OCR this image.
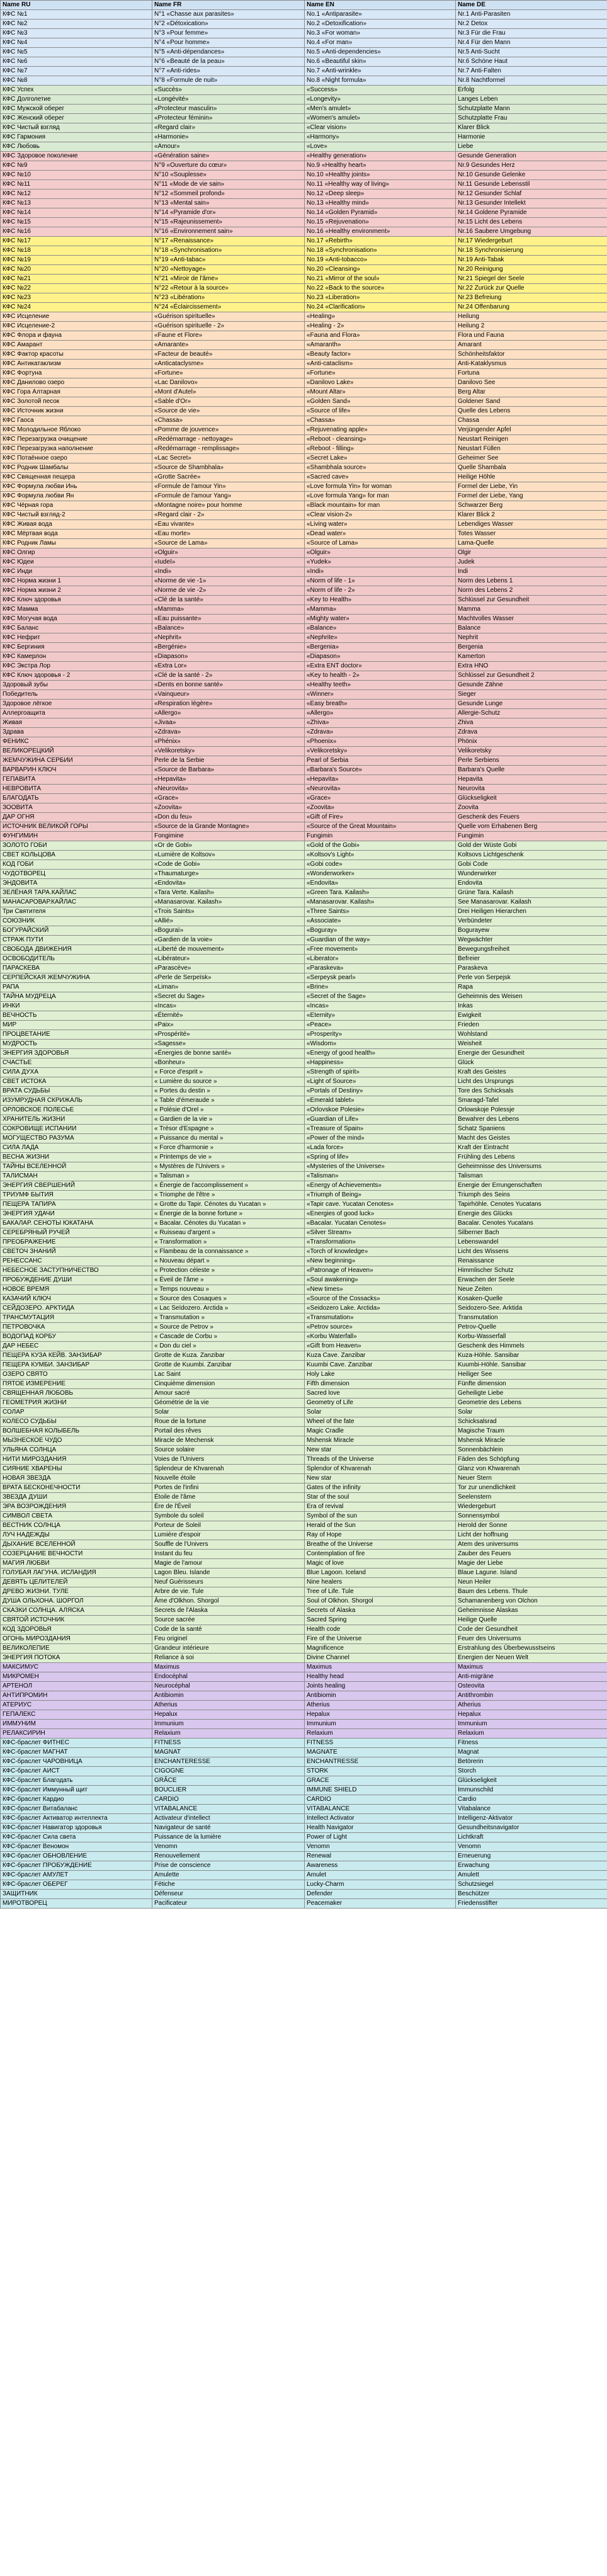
Name RU	Name FR	Name EN	Name DE
КФС №1	N°1 «Chasse aux parasites»	No.1 «Antiparasite»	Nr.1 Anti-Parasiten
КФС №2	N°2 «Détoxication»	No.2 «Detoxification»	Nr.2 Detox
КФС №3	N°3 «Pour femme»	No.3 «For woman»	Nr.3 Für die Frau
КФС №4	N°4 «Pour homme»	No.4 «For man»	Nr.4 Für den Mann
КФС №5	N°5 «Anti-dépendances»	No.5 «Anti-dependencies»	Nr.5 Anti-Sucht
КФС №6	N°6 «Beauté de la peau»	No.6 «Beautiful skin»	Nr.6 Schöne Haut
КФС №7	N°7 «Anti-rides»	No.7 «Anti-wrinkle»	Nr.7 Anti-Falten
КФС №8	N°8 «Formule de nuit»	No.8 «Night formula»	Nr.8 Nachtformel
КФС Успех	«Succès»	«Success»	Erfolg
КФС Долголетие	«Longévité»	«Longevity»	Langes Leben
КФС Мужской оберег	«Protecteur masculin»	«Men's amulet»	Schutzplatte Mann
КФС Женский оберег	«Protecteur féminin»	«Women's amulet»	Schutzplatte Frau
КФС Чистый взгляд	«Regard clair»	«Clear vision»	Klarer Blick
КФС Гармония	«Harmonie»	«Harmony»	Harmonie
КФС Любовь	«Amour»	«Love»	Liebe
КФС Здоровое поколение	«Génération saine»	«Healthy generation»	Gesunde Generation
КФС №9	N°9 «Ouverture du cœur»	No.9 «Healthy heart»	Nr.9 Gesundes Herz
КФС №10	N°10 «Souplesse»	No.10 «Healthy joints»	Nr.10 Gesunde Gelenke
КФС №11	N°11 «Mode de vie sain»	No.11 «Healthy way of living»	Nr.11 Gesunde Lebensstil
КФС №12	N°12 «Sommeil profond»	No.12 «Deep sleep»	Nr.12 Gesunder Schlaf
КФС №13	N°13 «Mental sain»	No.13 «Healthy mind»	Nr.13 Gesunder Intellekt
КФС №14	N°14 «Pyramide d'or»	No.14 «Golden Pyramid»	Nr.14 Goldene Pyramide
КФС №15	N°15 «Rajeunissement»	No.15 «Rejuvenation»	Nr.15 Licht des Lebens
КФС №16	N°16 «Environnement sain»	No.16 «Healthy environment»	Nr.16 Saubere Umgebung
КФС №17	N°17 «Renaissance»	No.17 «Rebirth»	Nr.17 Wiedergeburt
КФС №18	N°18 «Synchronisation»	No.18 «Synchronisation»	Nr.18 Synchronisierung
КФС №19	N°19 «Anti-tabac»	No.19 «Anti-tobacco»	Nr.19 Anti-Tabak
КФС №20	N°20 «Nettoyage»	No.20 «Cleansing»	Nr.20 Reinigung
КФС №21	N°21 «Miroir de l'âme»	No.21 «Mirror of the soul»	Nr.21 Spiegel der Seele
КФС №22	N°22 «Retour à la source»	No.22 «Back to the source»	Nr.22 Zurück zur Quelle
КФС №23	N°23 «Libération»	No.23 «Liberation»	Nr.23 Befreiung
КФС №24	N°24 «Éclaircissement»	No.24 «Clarification»	Nr.24 Offenbarung
КФС Исцеление	«Guérison spirituelle»	«Healing»	Heilung
КФС Исцеление-2	«Guérison spirituelle - 2»	«Healing - 2»	Heilung 2
КФС Флора и фауна	«Faune et Flore»	«Fauna and Flora»	Flora und Fauna
КФС Амарант	«Amarante»	«Amaranth»	Amarant
КФС Фактор красоты	«Facteur de beauté»	«Beauty factor»	Schönheitsfaktor
КФС Антикатаклизм	«Anticataclysme»	«Anti-cataclism»	Anti-Kataklysmus
КФС Фортуна	«Fortune»	«Fortune»	Fortuna
КФС Данилово озеро	«Lac Danilovo»	«Danilovo Lake»	Danilovo See
КФС Гора Алтарная	«Mont d'Autel»	«Mount Altar»	Berg Altar
КФС Золотой песок	«Sable d'Or»	«Golden Sand»	Goldener Sand
КФС Источник жизни	«Source de vie»	«Source of life»	Quelle des Lebens
КФС Гаоса	«Chassa»	«Chassa»	Chassa
КФС Молодильное Яблоко	«Pomme de jouvence»	«Rejuvenating apple»	Verjüngender Apfel
КФС Перезагрузка очищение	«Redémarrage - nettoyage»	«Reboot - cleansing»	Neustart Reinigen
КФС Перезагрузка наполнение	«Redémarrage - remplissage»	«Reboot - filling»	Neustart Füllen
КФС Потаённое озеро	«Lac Secret»	«Secret Lake»	Geheimer See
КФС Родник Шамбалы	«Source de Shambhala»	«Shambhala source»	Quelle Shambala
КФС Священная пещера	«Grotte Sacrée»	«Sacred cave»	Heilige Höhle
КФС Формула любви Инь	«Formule de l'amour Yin»	«Love formula Yin» for woman	Formel der Liebe, Yin
КФС Формула любви Ян	«Formule de l'amour Yang»	«Love formula Yang» for man	Formel der Liebe, Yang
КФС Чёрная гора	«Montagne noire» pour homme	«Black mountain» for man	Schwarzer Berg
КФС Чистый взгляд-2	«Regard clair - 2»	«Clear vision-2»	Klarer Blick 2
КФС Живая вода	«Eau vivante»	«Living water»	Lebendiges Wasser
КФС Мёртвая вода	«Eau morte»	«Dead water»	Totes Wasser
КФС Родник Ламы	«Source de Lama»	«Source of Lama»	Lama-Quelle
КФС Олгир	«Olguir»	«Olguir»	Olgir
КФС Юдеи	«Iudeï»	«Yudek»	Judek
КФС Инди	«Indi»	«Indi»	Indi
КФС Норма жизни 1	«Norme de vie -1»	«Norm of life - 1»	Norm des Lebens 1
КФС Норма жизни 2	«Norme de vie -2»	«Norm of life - 2»	Norm des Lebens 2
КФС Ключ здоровья	«Clé de la santé»	«Key to Health»	Schlüssel zur Gesundheit
КФС Мамма	«Mamma»	«Mamma»	Mamma
КФС Могучая вода	«Eau puissante»	«Mighty water»	Machtvolles Wasser
КФС Баланс	«Balance»	«Balance»	Balance
КФС Нефрит	«Nephrit»	«Nephrite»	Nephrit
КФС Бергиния	«Bergénie»	«Bergenia»	Bergenia
КФС Камерлон	«Diapason»	«Diapason»	Kamerton
КФС Экстра Лор	«Extra Lor»	«Extra ENT doctor»	Extra HNO
КФС Ключ здоровья - 2	«Clé de la santé - 2»	«Key to health - 2»	Schlüssel zur Gesundheit 2
Здоровый зубы	«Dents en bonne santé»	«Healthy teeth»	Gesunde Zähne
Победитель	«Vainqueur»	«Winner»	Sieger
Здоровое лёгкое	«Respiration légère»	«Easy breath»	Gesunde Lunge
Аллергоащита	«Allergo»	«Allergo»	Allergie-Schutz
Живая	«Jivaa»	«Zhiva»	Zhiva
Здрава	«Zdrava»	«Zdrava»	Zdrava
ФЕНИКС	«Phénix»	«Phoenix»	Phönix
ВЕЛИКОРЕЦКИЙ	«Velikoretsky»	«Velikoretsky»	Velikoretsky
ЖЕМЧУЖИНА СЕРБИИ	Perle de la Serbie	Pearl of Serbia	Perle Serbiens
ВАРВАРИН КЛЮЧ	«Source de Barbara»	«Barbara's Source»	Barbara's Quelle
ГЕПАВИТА	«Hepavita»	«Hepavita»	Hepavita
НЕВРОВИТА	«Neurovita»	«Neurovita»	Neurovita
БЛАГОДАТЬ	«Grace»	«Grace»	Glückseligkeit
ЗООВИТА	«Zoovita»	«Zoovita»	Zoovita
ДАР ОГНЯ	«Don du feu»	«Gift of Fire»	Geschenk des Feuers
ИСТОЧНИК ВЕЛИКОЙ ГОРЫ	«Source de la Grande Montagne»	«Source of the Great Mountain»	Quelle vom Erhabenen Berg
ФУНГИМИН	Fongimine	Fungimin	Fungimin
ЗОЛОТО ГОБИ	«Or de Gobi»	«Gold of the Gobi»	Gold der Wüste Gobi
СВЕТ КОЛЬЦОВА	«Lumière de Koltsov»	«Koltsov's Light»	Koltsovs Lichtgeschenk
КОД ГОБИ	«Code de Gobi»	«Gobi code»	Gobi Code
ЧУДОТВОРЕЦ	«Thaumaturge»	«Wonderworker»	Wunderwirker
ЭНДОВИТА	«Endovita»	«Endovita»	Endovita
ЗЕЛЁНАЯ ТАРА.КАЙЛАС	«Tara Verte. Kailash»	«Green Tara. Kailash»	Grüne Tara. Kailash
МАНАСАРОВАР.КАЙЛАС	«Manasarovar. Kailash»	«Manasarovar. Kailash»	See Manasarovar. Kailash
Три Святителя	«Trois Saints»	«Three Saints»	Drei Heiligen Hierarchen
СОЮЗНИК	«Allié»	«Associate»	Verbündeter
БОГУРАЙСКИЙ	«Boguraï»	«Boguray»	Bogurayew
СТРАЖ ПУТИ	«Gardien de la voie»	«Guardian of the way»	Wegwächter
СВОБОДА ДВИЖЕНИЯ	«Liberté de mouvement»	«Free movement»	Bewegungsfreiheit
ОСВОБОДИТЕЛЬ	«Libérateur»	«Liberator»	Befreier
ПАРАСКЕВА	«Parascève»	«Paraskeva»	Paraskeva
СЕРПЕЙСКАЯ ЖЕМЧУЖИНА	«Perle de Serpeïsk»	«Serpeysk pearl»	Perle von Serpejsk
РАПА	«Liman»	«Brine»	Rapa
ТАЙНА МУДРЕЦА	«Secret du Sage»	«Secret of the Sage»	Geheimnis des Weisen
ИНКИ	«Incas»	«Incas»	Inkas
ВЕЧНОСТЬ	«Éternité»	«Eternity»	Ewigkeit
МИР	«Paix»	«Peace»	Frieden
ПРОЦВЕТАНИЕ	«Prospérité»	«Prosperity»	Wohlstand
МУДРОСТЬ	«Sagesse»	«Wisdom»	Weisheit
ЭНЕРГИЯ ЗДОРОВЬЯ	«Énergies de bonne santé»	«Energy of good health»	Energie der Gesundheit
СЧАСТЬЕ	«Bonheur»	«Happiness»	Glück
СИЛА ДУХА	« Force d'esprit »	«Strength of spirit»	Kraft des Geistes
СВЕТ ИСТОКА	« Lumière du source »	«Light of Source»	Licht des Ursprungs
ВРАТА СУДЬБЫ	« Portes du destin »	«Portals of Destiny»	Tore des Schicksals
ИЗУМРУДНАЯ СКРИЖАЛЬ	« Table d'émeraude »	«Emerald tablet»	Smaragd-Tafel
ОРЛОВСКОЕ ПОЛЕСЬЕ	« Polésie d'Orel »	«Orlovskoe Polesie»	Orlowskoje Polessje
ХРАНИТЕЛЬ ЖИЗНИ	« Gardien de la vie »	«Guardian of Life»	Bewahrer des Lebens
СОКРОВИЩЕ ИСПАНИИ	« Trésor d'Espagne »	«Treasure of Spain»	Schatz Spaniens
МОГУЩЕСТВО РАЗУМА	« Puissance du mental »	«Power of the mind»	Macht des Geistes
СИЛА ЛАДА	« Force d'harmonie »	«Lada force»	Kraft der Eintracht
ВЕСНА ЖИЗНИ	« Printemps de vie »	«Spring of life»	Frühling des Lebens
ТАЙНЫ ВСЕЛЕННОЙ	« Mystères de l'Univers »	«Mysteries of the Universe»	Geheimnisse des Universums
ТАЛИСМАН	« Talisman »	«Talisman»	Talisman
ЭНЕРГИЯ СВЕРШЕНИЙ	« Énergie de l'accomplissement »	«Energy of Achievements»	Energie der Errungenschaften
ТРИУМФ БЫТИЯ	« Triomphe de l'être »	«Triumph of Being»	Triumph des Seins
ПЕЩЕРА ТАПИРА	« Grotte du Tapir. Cénotes du Yucatan »	«Tapir cave. Yucatan Cenotes»	Tapirhöhle. Cenotes Yucatans
ЭНЕРГИЯ УДАЧИ	« Énergie de la bonne fortune »	«Energies of good luck»	Energie des Glücks
БАКАЛАР. СЕНОТЫ ЮКАТАНА	« Bacalar. Cénotes du Yucatan »	«Bacalar. Yucatan Cenotes»	Bacalar. Cenotes Yucatans
СЕРЕБРЯНЫЙ РУЧЕЙ	« Ruisseau d'argent »	«Silver Stream»	Silberner Bach
ПРЕОБРАЖЕНИЕ	« Transformation »	«Transformation»	Lebenswandel
СВЕТОЧ ЗНАНИЙ	« Flambeau de la connaissance »	«Torch of knowledge»	Licht des Wissens
РЕНЕССАНС	« Nouveau départ »	«New beginning»	Renaissance
НЕБЕСНОЕ ЗАСТУПНИЧЕСТВО	« Protection céleste »	«Patronage of Heaven»	Himmlischer Schutz
ПРОБУЖДЕНИЕ ДУШИ	« Éveil de l'âme »	«Soul awakening»	Erwachen der Seele
НОВОЕ ВРЕМЯ	« Temps nouveau »	«New times»	Neue Zeiten
КАЗАЧИЙ КЛЮЧ	« Source des Cosaques »	«Source of the Cossacks»	Kosaken-Quelle
СЕЙДОЗЕРО. АРКТИДА	« Lac Seïdozero. Arctida »	«Seidozero Lake. Arctida»	Seidozero-See. Arktida
ТРАНСМУТАЦИЯ	« Transmutation »	«Transmutation»	Transmutation
ПЕТРОВОЧКА	« Source de Petrov »	«Petrov source»	Petrov-Quelle
ВОДОПАД КОРБУ	« Cascade de Corbu »	«Korbu Waterfall»	Korbu-Wasserfall
ДАР НЕБЕС	« Don du ciel »	«Gift from Heaven»	Geschenk des Himmels
ПЕЩЕРА КУЗА КЕЙВ. ЗАНЗИБАР	Grotte de Kuza. Zanzibar	Kuza Cave. Zanzibar	Kuza-Höhle. Sansibar
ПЕЩЕРА КУМБИ. ЗАНЗИБАР	Grotte de Kuumbi. Zanzibar	Kuumbi Cave. Zanzibar	Kuumbi-Höhle. Sansibar
ОЗЕРО СВЯТО	Lac Saint	Holy Lake	Heiliger See
ПЯТОЕ ИЗМЕРЕНИЕ	Cinquième dimension	Fifth dimension	Fünfte dimension
СВЯЩЕННАЯ ЛЮБОВЬ	Amour sacré	Sacred love	Geheiligte Liebe
ГЕОМЕТРИЯ ЖИЗНИ	Géométrie de la vie	Geometry of Life	Geometrie des Lebens
СОЛАР	Solar	Solar	Solar
КОЛЕСО СУДЬБЫ	Roue de la fortune	Wheel of the fate	Schicksalsrad
ВОЛШЕБНАЯ КОЛЫБЕЛЬ	Portail des rêves	Magic Cradle	Magische Traum
МЫЗНЕСКОЕ ЧУДО	Miracle de Mechensk	Mshensk Miracle	Mshensk Miracle
УЛЬЯНА СОЛНЦА	Source solaire	New star	Sonnenbächlein
НИТИ МИРОЗДАНИЯ	Voies de l'Univers	Threads of the Universe	Fäden des Schöpfung
СИЯНИЕ ХВАРЕНЫ	Splendeur de Khvarenah	Splendor of Khvarenah	Glanz von Khwarenah
НОВАЯ ЗВЕЗДА	Nouvelle étoile	New star	Neuer Stern
ВРАТА БЕСКОНЕЧНОСТИ	Portes de l'infini	Gates of the infinity	Tor zur unendlichkeit
ЗВЕЗДА ДУШИ	Étoile de l'âme	Star of the soul	Seelenstern
ЭРА ВОЗРОЖДЕНИЯ	Ère de l'Éveil	Era of revival	Wiedergeburt
СИМВОЛ СВЕТА	Symbole du soleil	Symbol of the sun	Sonnensymbol
ВЕСТНИК СОЛНЦА	Porteur de Soleil	Herald of the Sun	Herold der Sonne
ЛУЧ НАДЕЖДЫ	Lumière d'espoir	Ray of Hope	Licht der hoffnung
ДЫХАНИЕ ВСЕЛЕННОЙ	Souffle de l'Univers	Breathe of the Universe	Atem des universums
СОЗЕРЦАНИЕ ВЕЧНОСТИ	Instant du feu	Contemplation of fire	Zauber des Feuers
МАГИЯ ЛЮБВИ	Magie de l'amour	Magic of love	Magie der Liebe
ГОЛУБАЯ ЛАГУНА. ИСЛАНДИЯ	Lagon Bleu. Islande	Blue Lagoon. Iceland	Blaue Lagune. Island
ДЕВЯТЬ ЦЕЛИТЕЛЕЙ	Neuf Guérisseurs	Nine healers	Neun Heiler
ДРЕВО ЖИЗНИ. ТУЛЕ	Arbre de vie. Tule	Tree of Life. Tule	Baum des Lebens. Thule
ДУША ОЛЬХОНА. ШОРГОЛ	Âme d'Olkhon. Shorgol	Soul of Olkhon. Shorgol	Schamanenberg von Olchon
СКАЗКИ СОЛНЦА. АЛЯСКА	Secrets de l'Alaska	Secrets of Alaska	Geheimnisse Alaskas
СВЯТОЙ ИСТОЧНИК	Source sacrée	Sacred Spring	Heilige Quelle
КОД ЗДОРОВЬЯ	Code de la santé	Health code	Code der Gesundheit
ОГОНЬ МИРОЗДАНИЯ	Feu originel	Fire of the Universe	Feuer des Universums
ВЕЛИКОЛЕПИЕ	Grandeur intérieure	Magnificence	Erstrahlung des Überbewusstseins
ЭНЕРГИЯ ПОТОКА	Reliance à soi	Divine Channel	Energien der Neuen Welt
МАКСИМУС	Maximus	Maximus	Maximus
МИКРОМЕН	Endocéphal	Healthy head	Anti-migräne
АРТЕНОЛ	Neurocéphal	Joints healing	Osteovita
АНТИПРОМИН	Antibiomin	Antibiomin	Antithrombin
АТЕРИУС	Atherius	Atherius	Atherius
ГЕПАЛЕКС	Hepalux	Hepalux	Hepalux
ИММУНИМ	Immunium	Immunium	Immunium
РЕЛАКСИРИН	Relaxium	Relaxium	Relaxium
КФС-браслет ФИТНЕС	FITNESS	FITNESS	Fitness
КФС-браслет МАГНАТ	MAGNAT	MAGNATE	Magnat
КФС-браслет ЧАРОВНИЦА	ENCHANTERESSE	ENCHANTRESSE	Betörerin
КФС-браслет АИСТ	CIGOGNE	STORK	Storch
КФС-браслет Благодать	GRÂCE	GRACE	Glückseligkeit
КФС-браслет Иммунный щит	BOUCLIER	IMMUNE SHIELD	Immunschild
КФС-браслет Кардио	CARDIO	CARDIO	Cardio
КФС-браслет Витабаланс	VITABALANCE	VITABALANCE	Vitabalance
КФС-браслет Активатор интеллекта	Activateur d'intellect	Intellect Activator	Intelligenz-Aktivator
КФС-браслет Навигатор здоровья	Navigateur de santé	Health Navigator	Gesundheitsnavigator
КФС-браслет Сила света	Puissance de la lumière	Power of Light	Lichtkraft
КФС-браслет Веномон	Venomn	Venomn	Venomn
КФС-браслет ОБНОВЛЕНИЕ	Renouvellement	Renewal	Erneuerung
КФС-браслет ПРОБУЖДЕНИЕ	Prise de conscience	Awareness	Erwachung
КФС-браслет АМУЛЕТ	Amulette	Amulet	Amulett
КФС-браслет ОБЕРЕГ	Fétiche	Lucky-Charm	Schutzsiegel
ЗАЩИТНИК	Défenseur	Defender	Beschützer
МИРОТВОРЕЦ	Pacificateur	Peacemaker	Friedensstifter
